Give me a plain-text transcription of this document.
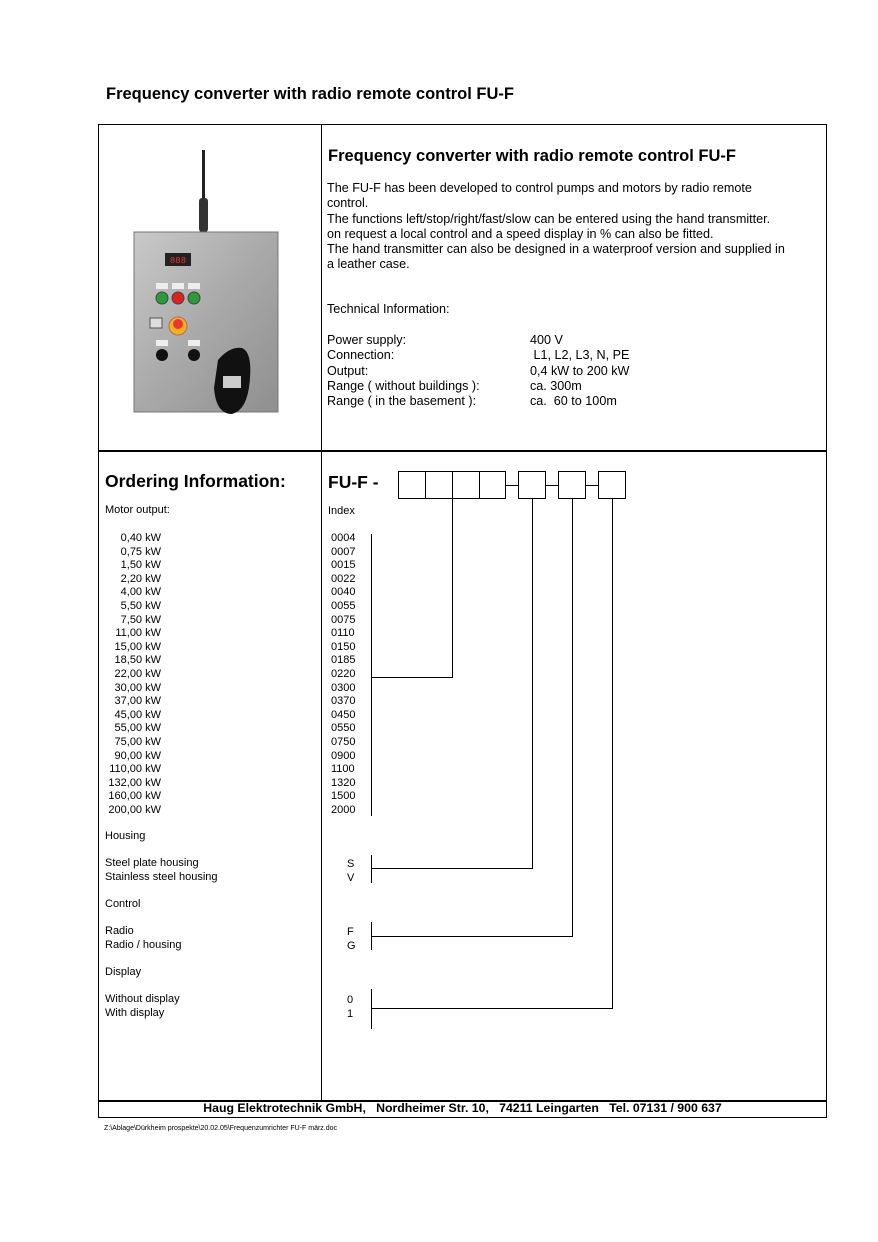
Frequency converter with radio remote control FU-F
888
Frequency converter with radio remote control FU-F
The FU-F has been developed to control pumps and motors by radio remote
control.
The functions left/stop/right/fast/slow can be entered using the hand transmitter.
on request a local control and a speed display in % can also be fitted.
The hand transmitter can also be designed in a waterproof version and supplied in
a leather case.
Technical Information:
Power supply:
Connection:
Output:
Range ( without buildings ):
Range ( in the basement ):
400 V
L1, L2, L3, N, PE
0,4 kW to 200 kW
ca. 300m
ca.  60 to 100m
Ordering Information: FU-F -
Motor output:	Index
0,40 kW
0,75 kW
1,50 kW
2,20 kW
4,00 kW
5,50 kW
7,50 kW
11,00 kW
15,00 kW
18,50 kW
22,00 kW
30,00 kW
37,00 kW
45,00 kW
55,00 kW
75,00 kW
90,00 kW
110,00 kW
132,00 kW
160,00 kW
200,00 kW
0004
0007
0015
0022
0040
0055
0075
0110
0150
0185
0220
0300
0370
0450
0550
0750
0900
1100
1320
1500
2000
Housing
Steel plate housing
Stainless steel housing
S
V
Control
Radio
Radio / housing
F
G
Display
Without display
With display
0
1
Haug Elektrotechnik GmbH,   Nordheimer Str. 10,   74211 Leingarten   Tel. 07131 / 900 637
Z:\Ablage\Dürkheim prospekte\20.02.05\Frequenzumrichter FU-F märz.doc
